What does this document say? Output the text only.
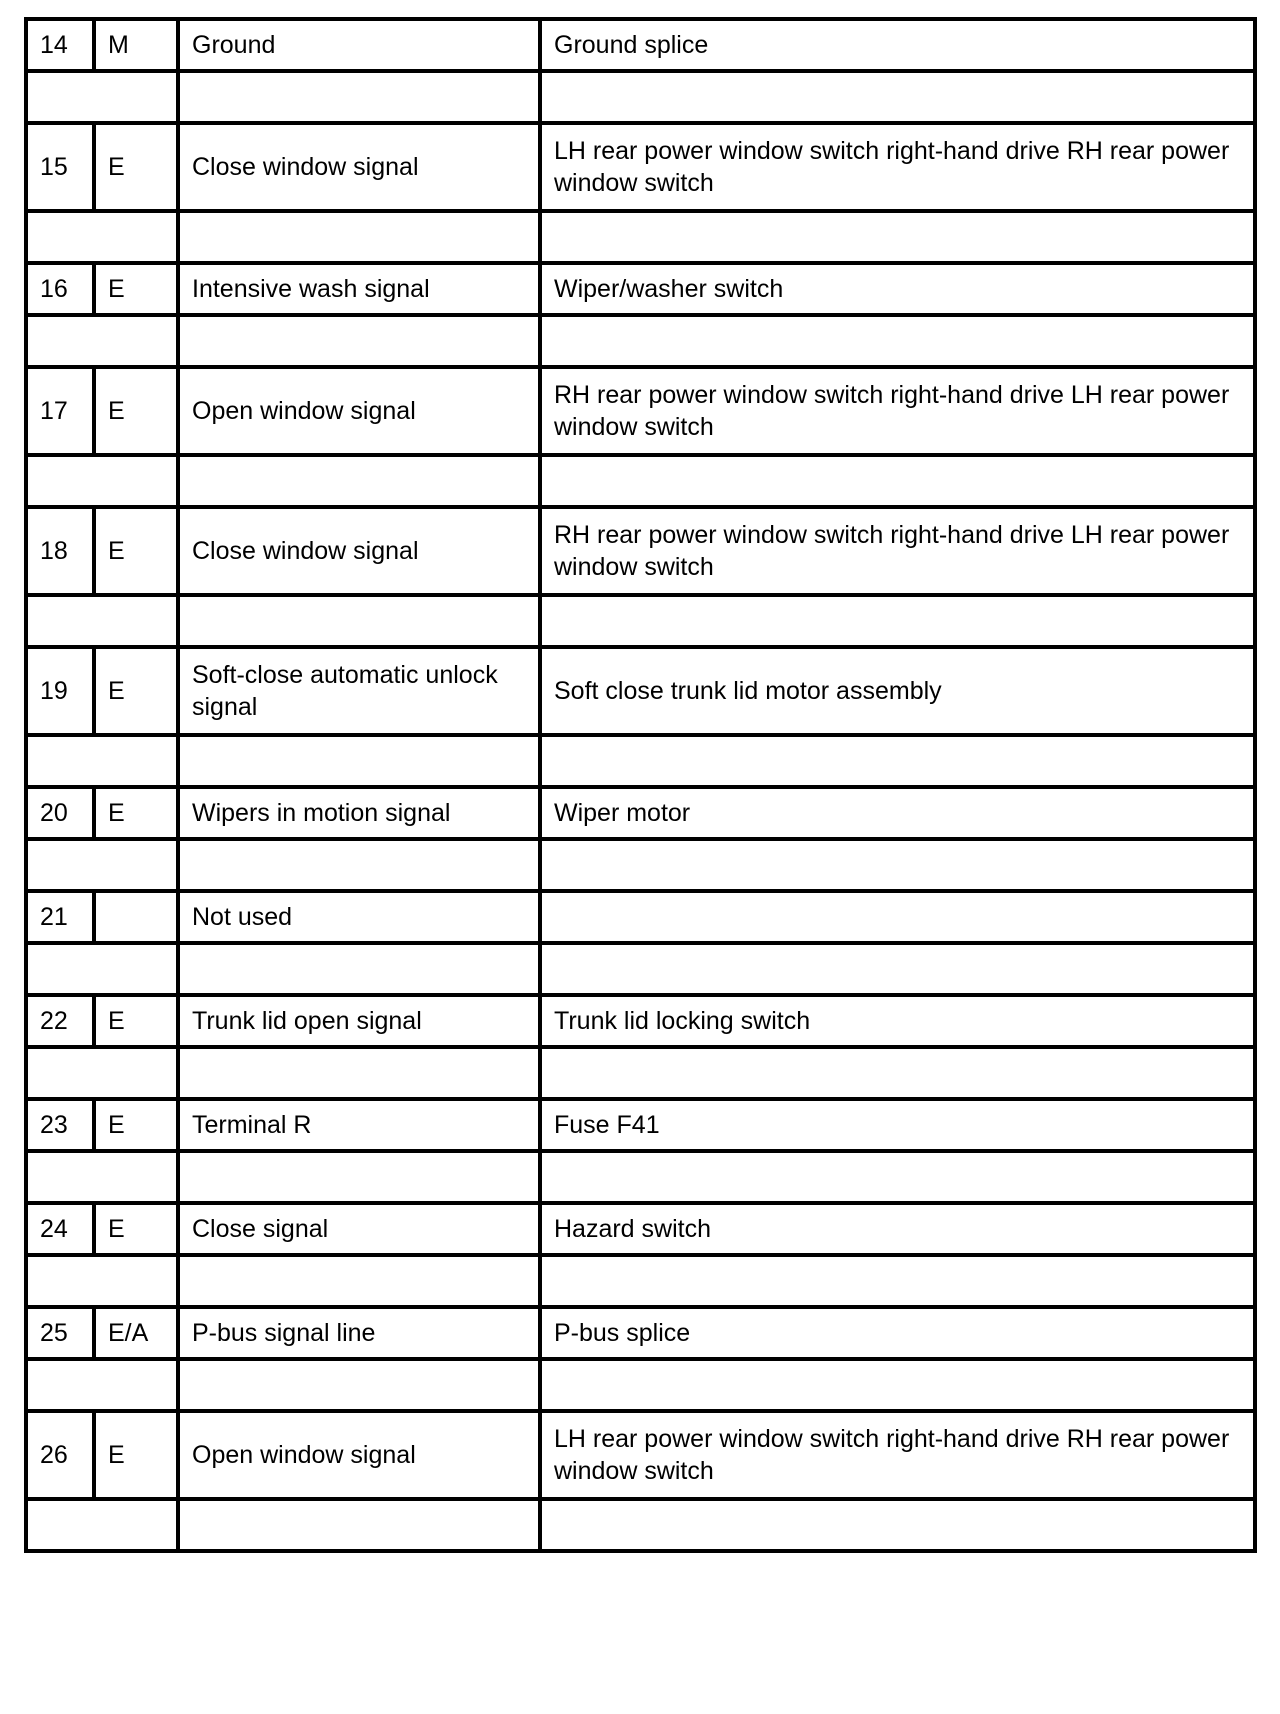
14	M	Ground	Ground splice

15	E	Close window signal	LH rear power window switch right-hand drive RH rear power window switch

16	E	Intensive wash signal	Wiper/washer switch

17	E	Open window signal	RH rear power window switch right-hand drive LH rear power window switch

18	E	Close window signal	RH rear power window switch right-hand drive LH rear power window switch

19	E	Soft-close automatic unlock signal	Soft close trunk lid motor assembly

20	E	Wipers in motion signal	Wiper motor

21		Not used	

22	E	Trunk lid open signal	Trunk lid locking switch

23	E	Terminal R	Fuse F41

24	E	Close signal	Hazard switch

25	E/A	P-bus signal line	P-bus splice

26	E	Open window signal	LH rear power window switch right-hand drive RH rear power window switch
